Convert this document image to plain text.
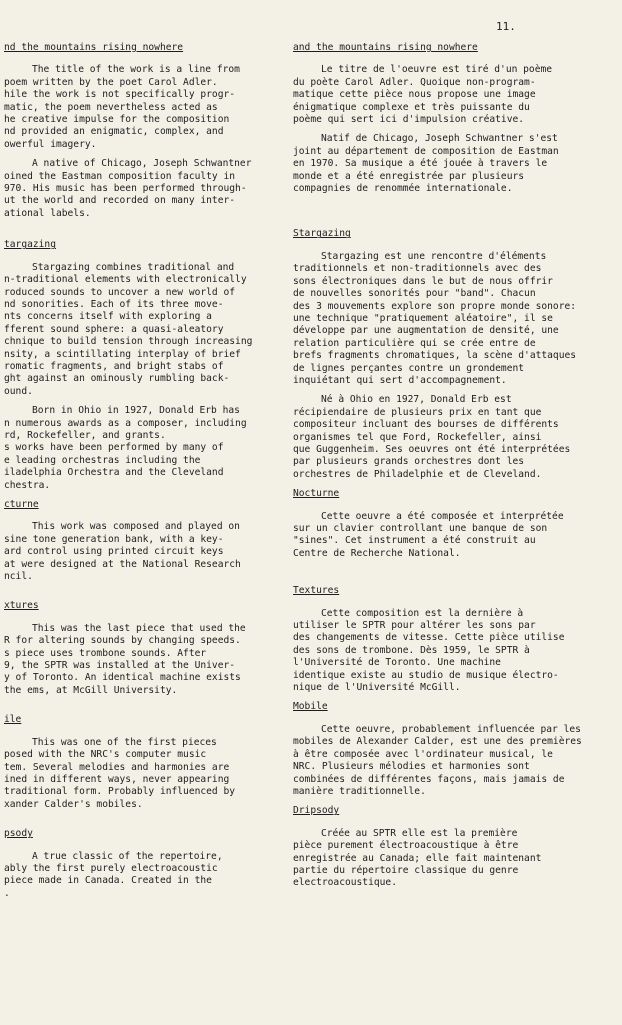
11.
nd the mountains rising nowhere
The title of the work is a line from
poem written by the poet Carol Adler.
hile the work is not specifically progr-
matic, the poem nevertheless acted as
he creative impulse for the composition
nd provided an enigmatic, complex, and
owerful imagery.
A native of Chicago, Joseph Schwantner
oined the Eastman composition faculty in
970. His music has been performed through-
ut the world and recorded on many inter-
ational labels.
targazing
Stargazing combines traditional and
n-traditional elements with electronically
roduced sounds to uncover a new world of
nd sonorities. Each of its three move-
nts concerns itself with exploring a
fferent sound sphere: a quasi-aleatory
chnique to build tension through increasing
nsity, a scintillating interplay of brief
romatic fragments, and bright stabs of
ght against an ominously rumbling back-
ound.
Born in Ohio in 1927, Donald Erb has
n numerous awards as a composer, including
rd, Rockefeller, and grants.
s works have been performed by many of
e leading orchestras including the
iladelphia Orchestra and the Cleveland
chestra.
cturne
This work was composed and played on
sine tone generation bank, with a key-
ard control using printed circuit keys
at were designed at the National Research
ncil.
xtures
This was the last piece that used the
R for altering sounds by changing speeds.
s piece uses trombone sounds. After
9, the SPTR was installed at the Univer-
y of Toronto. An identical machine exists
the ems, at McGill University.
ile
This was one of the first pieces
posed with the NRC's computer music
tem. Several melodies and harmonies are
ined in different ways, never appearing
traditional form. Probably influenced by
xander Calder's mobiles.
psody
A true classic of the repertoire,
ably the first purely electroacoustic
piece made in Canada. Created in the
.
and the mountains rising nowhere
Le titre de l'oeuvre est tiré d'un poème
du poète Carol Adler. Quoique non-program-
matique cette pièce nous propose une image
énigmatique complexe et très puissante du
poème qui sert ici d'impulsion créative.
Natif de Chicago, Joseph Schwantner s'est
joint au département de composition de Eastman
en 1970. Sa musique a été jouée à travers le
monde et a été enregistrée par plusieurs
compagnies de renommée internationale.
Stargazing
Stargazing est une rencontre d'éléments
traditionnels et non-traditionnels avec des
sons électroniques dans le but de nous offrir
de nouvelles sonorités pour "band". Chacun
des 3 mouvements explore son propre monde sonore:
une technique "pratiquement aléatoire", il se
développe par une augmentation de densité, une
relation particulière qui se crée entre de
brefs fragments chromatiques, la scène d'attaques
de lignes perçantes contre un grondement
inquiétant qui sert d'accompagnement.
Né à Ohio en 1927, Donald Erb est
récipiendaire de plusieurs prix en tant que
compositeur incluant des bourses de différents
organismes tel que Ford, Rockefeller, ainsi
que Guggenheim. Ses oeuvres ont été interprétées
par plusieurs grands orchestres dont les
orchestres de Philadelphie et de Cleveland.
Nocturne
Cette oeuvre a été composée et interprétée
sur un clavier controllant une banque de son
"sines". Cet instrument a été construit au
Centre de Recherche National.
Textures
Cette composition est la dernière à
utiliser le SPTR pour altérer les sons par
des changements de vitesse. Cette pièce utilise
des sons de trombone. Dès 1959, le SPTR à
l'Université de Toronto. Une machine
identique existe au studio de musique électro-
nique de l'Université McGill.
Mobile
Cette oeuvre, probablement influencée par les
mobiles de Alexander Calder, est une des premières
à être composée avec l'ordinateur musical, le
NRC. Plusieurs mélodies et harmonies sont
combinées de différentes façons, mais jamais de
manière traditionnelle.
Dripsody
Créée au SPTR elle est la première
pièce purement électroacoustique à être
enregistrée au Canada; elle fait maintenant
partie du répertoire classique du genre
electroacoustique.
